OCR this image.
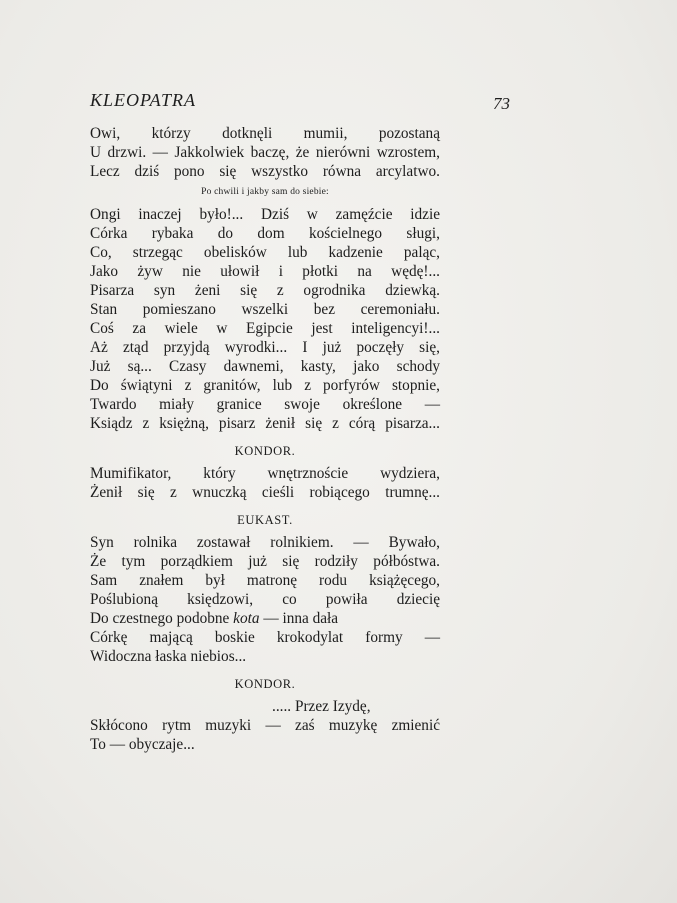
KLEOPATRA	73
Owi, którzy dotknęli mumii, pozostaną
U drzwi. — Jakkolwiek baczę, że nierówni wzrostem,
Lecz dziś pono się wszystko równa arcylatwo.
Po chwili i jakby sam do siebie:
Ongi inaczej było!... Dziś w zamęźcie idzie
Córka rybaka do dom kościelnego sługi,
Co, strzegąc obelisków lub kadzenie paląc,
Jako żyw nie ułowił i płotki na wędę!...
Pisarza syn żeni się z ogrodnika dziewką.
Stan pomieszano wszelki bez ceremoniału.
Coś za wiele w Egipcie jest inteligencyi!...
Aż ztąd przyjdą wyrodki... I już poczęły się,
Już są... Czasy dawnemi, kasty, jako schody
Do świątyni z granitów, lub z porfyrów stopnie,
Twardo miały granice swoje określone —
Ksiądz z księżną, pisarz żenił się z córą pisarza...
KONDOR.
Mumifikator, który wnętrznoście wydziera,
Żenił się z wnuczką cieśli robiącego trumnę...
EUKAST.
Syn rolnika zostawał rolnikiem. — Bywało,
Że tym porządkiem już się rodziły półbóstwa.
Sam znałem był matronę rodu książęcego,
Poślubioną księdzowi, co powiła dziecię
Do czestnego podobne kota — inna dała
Córkę mającą boskie krokodylat formy —
Widoczna łaska niebios...
KONDOR.
..... Przez Izydę,
Skłócono rytm muzyki — zaś muzykę zmienić
To — obyczaje...
